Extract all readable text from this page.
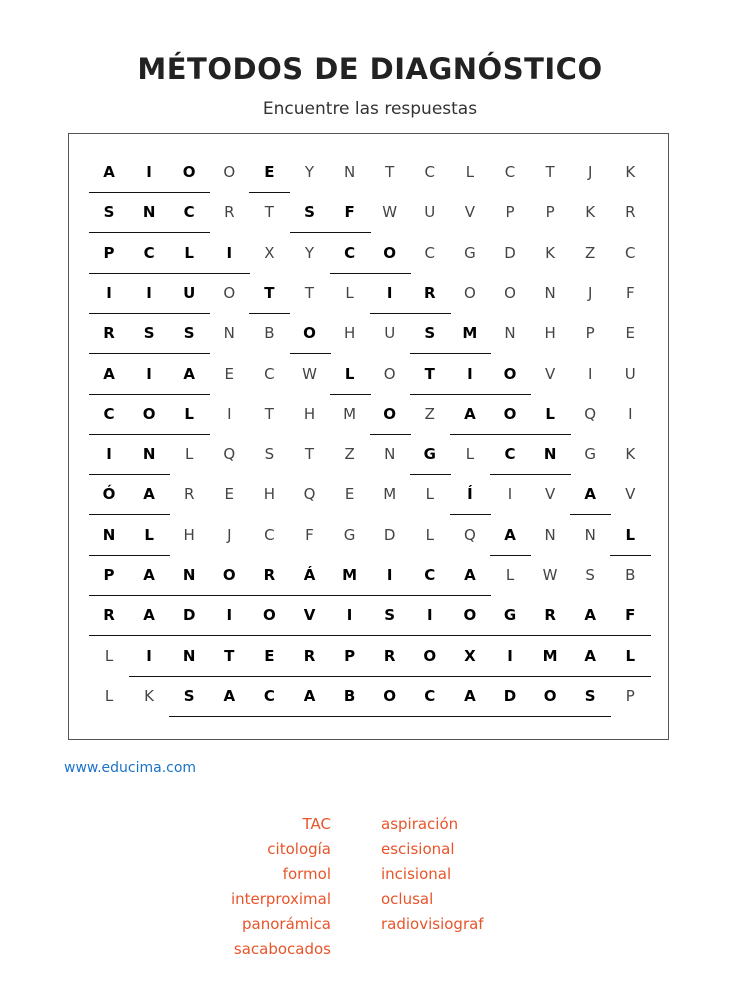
MÉTODOS DE DIAGNÓSTICO
Encuentre las respuestas
A	I	O	O	E	Y	N	T	C	L	C	T	J	K
S	N	C	R	T	S	F	W	U	V	P	P	K	R
P	C	L	I	X	Y	C	O	C	G	D	K	Z	C
I	I	U	O	T	T	L	I	R	O	O	N	J	F
R	S	S	N	B	O	H	U	S	M	N	H	P	E
A	I	A	E	C	W	L	O	T	I	O	V	I	U
C	O	L	I	T	H	M	O	Z	A	O	L	Q	I
I	N	L	Q	S	T	Z	N	G	L	C	N	G	K
Ó	A	R	E	H	Q	E	M	L	Í	I	V	A	V
N	L	H	J	C	F	G	D	L	Q	A	N	N	L
P	A	N	O	R	Á	M	I	C	A	L	W	S	B
R	A	D	I	O	V	I	S	I	O	G	R	A	F
L	I	N	T	E	R	P	R	O	X	I	M	A	L
L	K	S	A	C	A	B	O	C	A	D	O	S	P
www.educima.com
TAC
citología
formol
interproximal
panorámica
sacabocados
aspiración
escisional
incisional
oclusal
radiovisiograf
